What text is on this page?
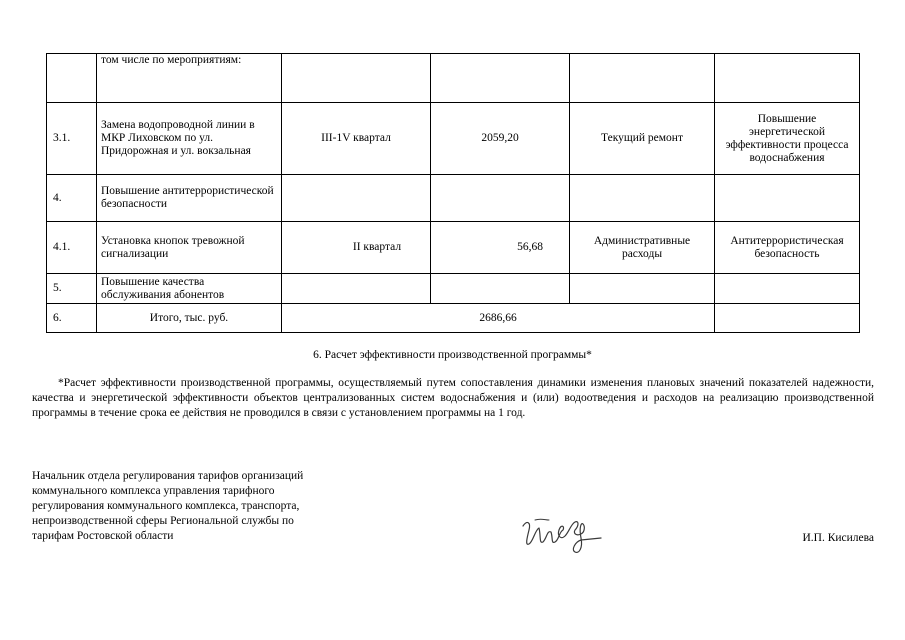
	том числе по мероприятиям:				
3.1.	Замена водопроводной линии в МКР Лиховском по ул. Придорожная и ул. вокзальная	III-1V квартал	2059,20	Текущий ремонт	Повышение энергетической эффективности процесса водоснабжения
4.	Повышение антитеррористической безопасности				
4.1.	Установка кнопок тревожной сигнализации	II квартал	56,68	Административные расходы	Антитеррористическая безопасность
5.	Повышение качества обслуживания абонентов				
6.	Итого, тыс. руб.	2686,66			
6. Расчет эффективности производственной программы*
*Расчет эффективности производственной программы, осуществляемый путем сопоставления динамики изменения плановых значений показателей надежности, качества и энергетической эффективности объектов централизованных систем водоснабжения и (или) водоотведения и расходов на реализацию производственной программы в течение срока ее действия не проводился в связи с установлением программы на 1 год.
Начальник отдела регулирования тарифов организаций
коммунального комплекса управления тарифного
регулирования коммунального комплекса, транспорта,
непроизводственной сферы Региональной службы по
тарифам Ростовской области	И.П. Кисилева
